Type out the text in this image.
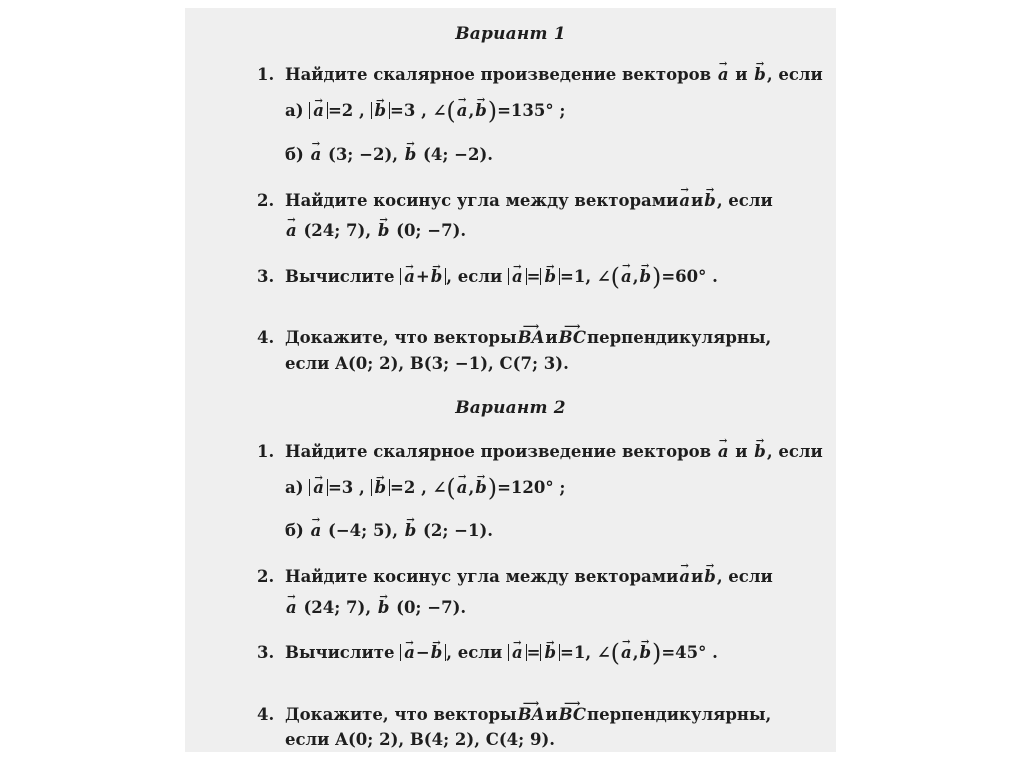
Вариант 1
1. Найдите скалярное произведение векторов → a и → b, если
а) → a =2 , → b =3 , ∠(→ a,→ b)=135° ;
б) → a (3; −2), → b (4; −2).
2. Найдите косинус угла между векторами → a и → b, если
→ a (24; 7), → b (0; −7).
3. Вычислите → a+→ b , если → a = → b =1, ∠(→ a,→ b)=60° .
4. Докажите, что векторы ⟶ BA и ⟶ BC перпендикулярны,
если A(0; 2), B(3; −1), C(7; 3).
Вариант 2
1. Найдите скалярное произведение векторов → a и → b, если
а) → a =3 , → b =2 , ∠(→ a,→ b)=120° ;
б) → a (−4; 5), → b (2; −1).
2. Найдите косинус угла между векторами → a и → b, если
→ a (24; 7), → b (0; −7).
3. Вычислите → a−→ b , если → a = → b =1, ∠(→ a,→ b)=45° .
4. Докажите, что векторы ⟶ BA и ⟶ BC перпендикулярны,
если A(0; 2), B(4; 2), C(4; 9).
